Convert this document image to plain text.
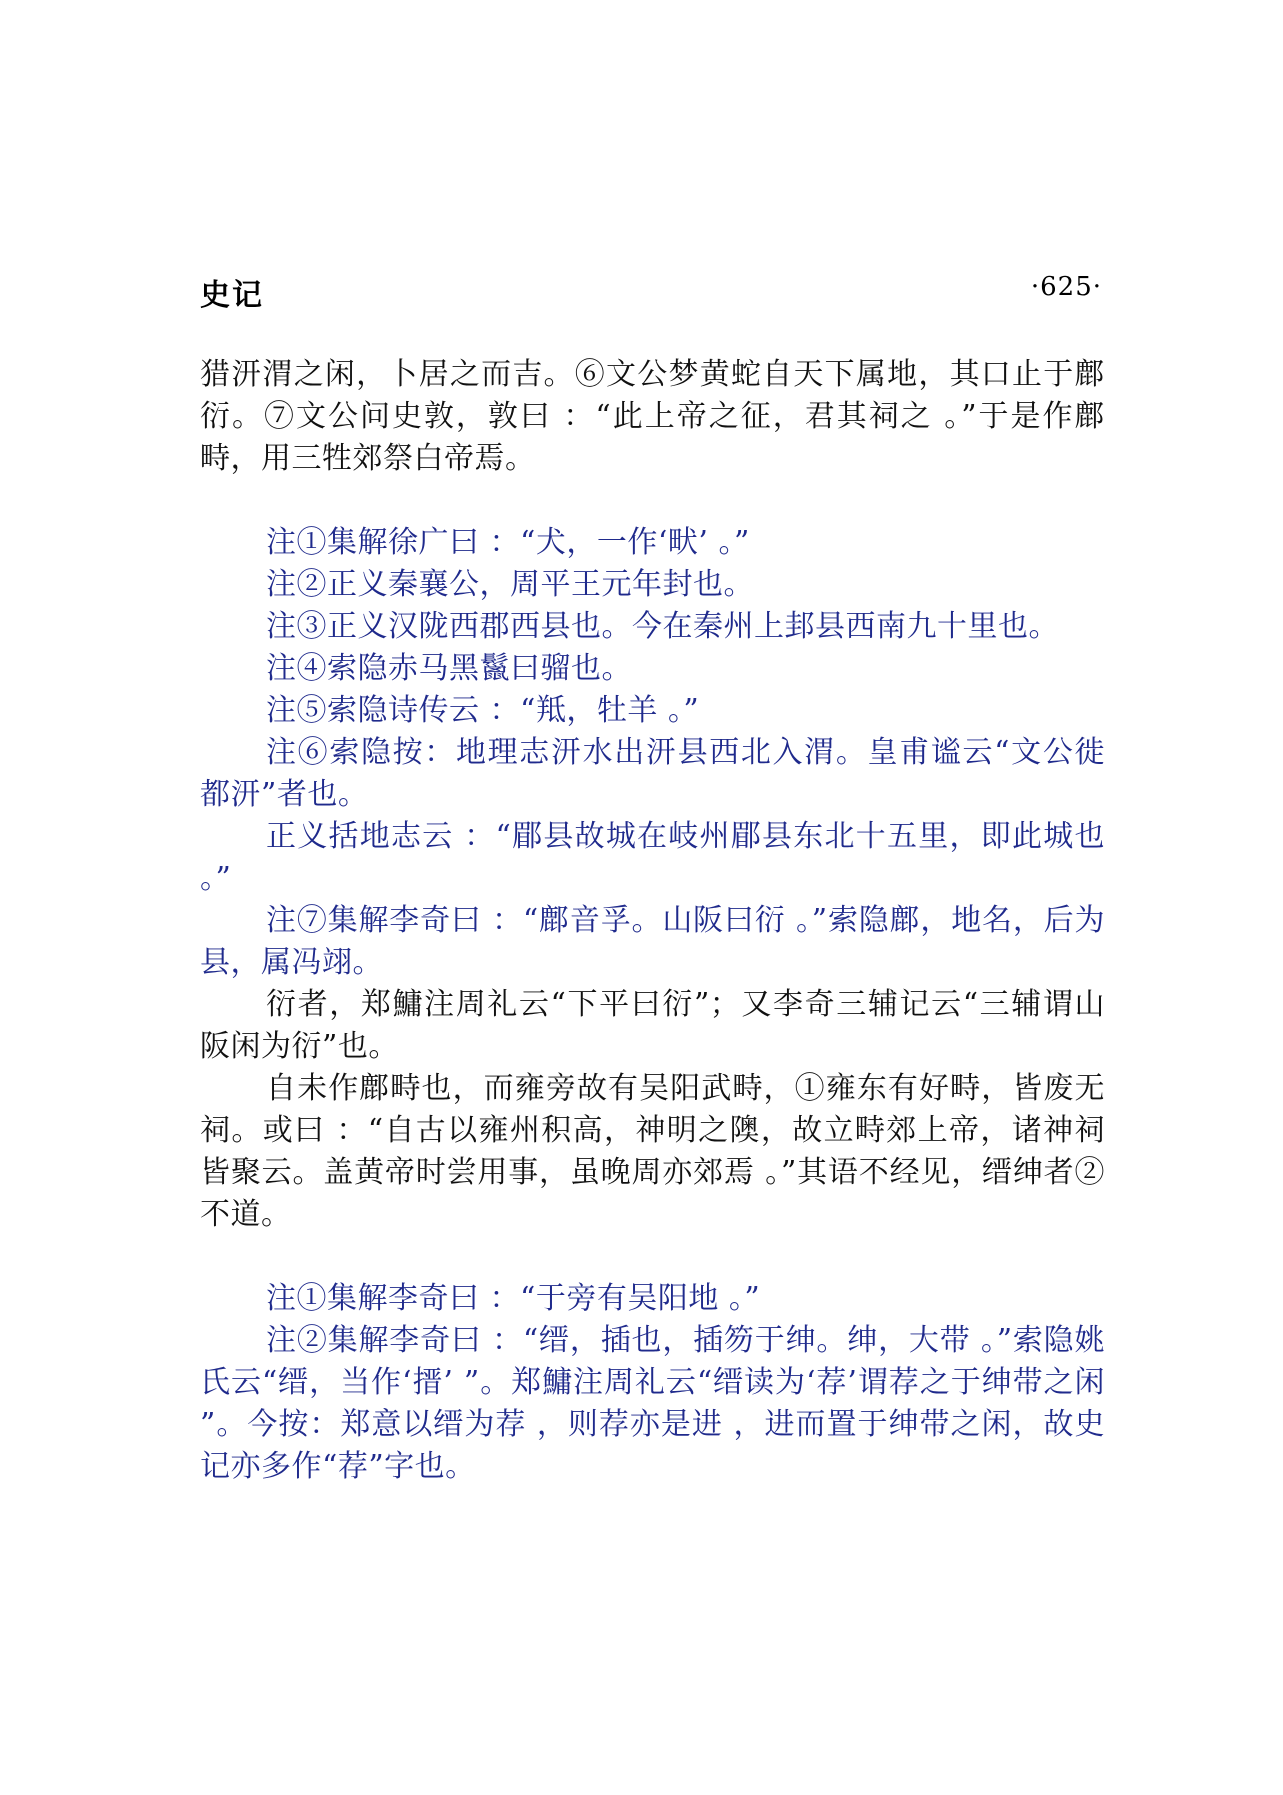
史记	·625·

猎汧渭之闲，卜居之而吉。⑥文公梦黄蛇自天下属地，其口止于鄜衍。⑦文公问史敦，敦曰 ：“此上帝之征，君其祠之 。”于是作鄜畤，用三牲郊祭白帝焉。

注①集解徐广曰 ：“犬，一作‘畎’ 。”

注②正义秦襄公，周平王元年封也。

注③正义汉陇西郡西县也。今在秦州上邽县西南九十里也。

注④索隐赤马黑鬣曰骝也。

注⑤索隐诗传云 ：“羝，牡羊 。”

注⑥索隐按：地理志汧水出汧县西北入渭。皇甫谧云“文公徙都汧”者也。

正义括地志云 ：“郿县故城在岐州郿县东北十五里，即此城也 。”

注⑦集解李奇曰 ：“鄜音孚。山阪曰衍 。”索隐鄜，地名，后为县，属冯翊。

衍者，郑鱅注周礼云“下平曰衍”；又李奇三辅记云“三辅谓山阪闲为衍”也。

自未作鄜畤也，而雍旁故有吴阳武畤，①雍东有好畤，皆废无祠。或曰 ：“自古以雍州积高，神明之隩，故立畤郊上帝，诸神祠皆聚云。盖黄帝时尝用事，虽晚周亦郊焉 。”其语不经见，缙绅者②不道。

注①集解李奇曰 ：“于旁有吴阳地 。”

注②集解李奇曰 ：“缙，插也，插笏于绅。绅，大带 。”索隐姚氏云“缙，当作‘搢’ ”。郑鱅注周礼云“缙读为‘荐’谓荐之于绅带之闲 ”。今按：郑意以缙为荐 ，则荐亦是进 ，进而置于绅带之闲，故史记亦多作“荐”字也。
